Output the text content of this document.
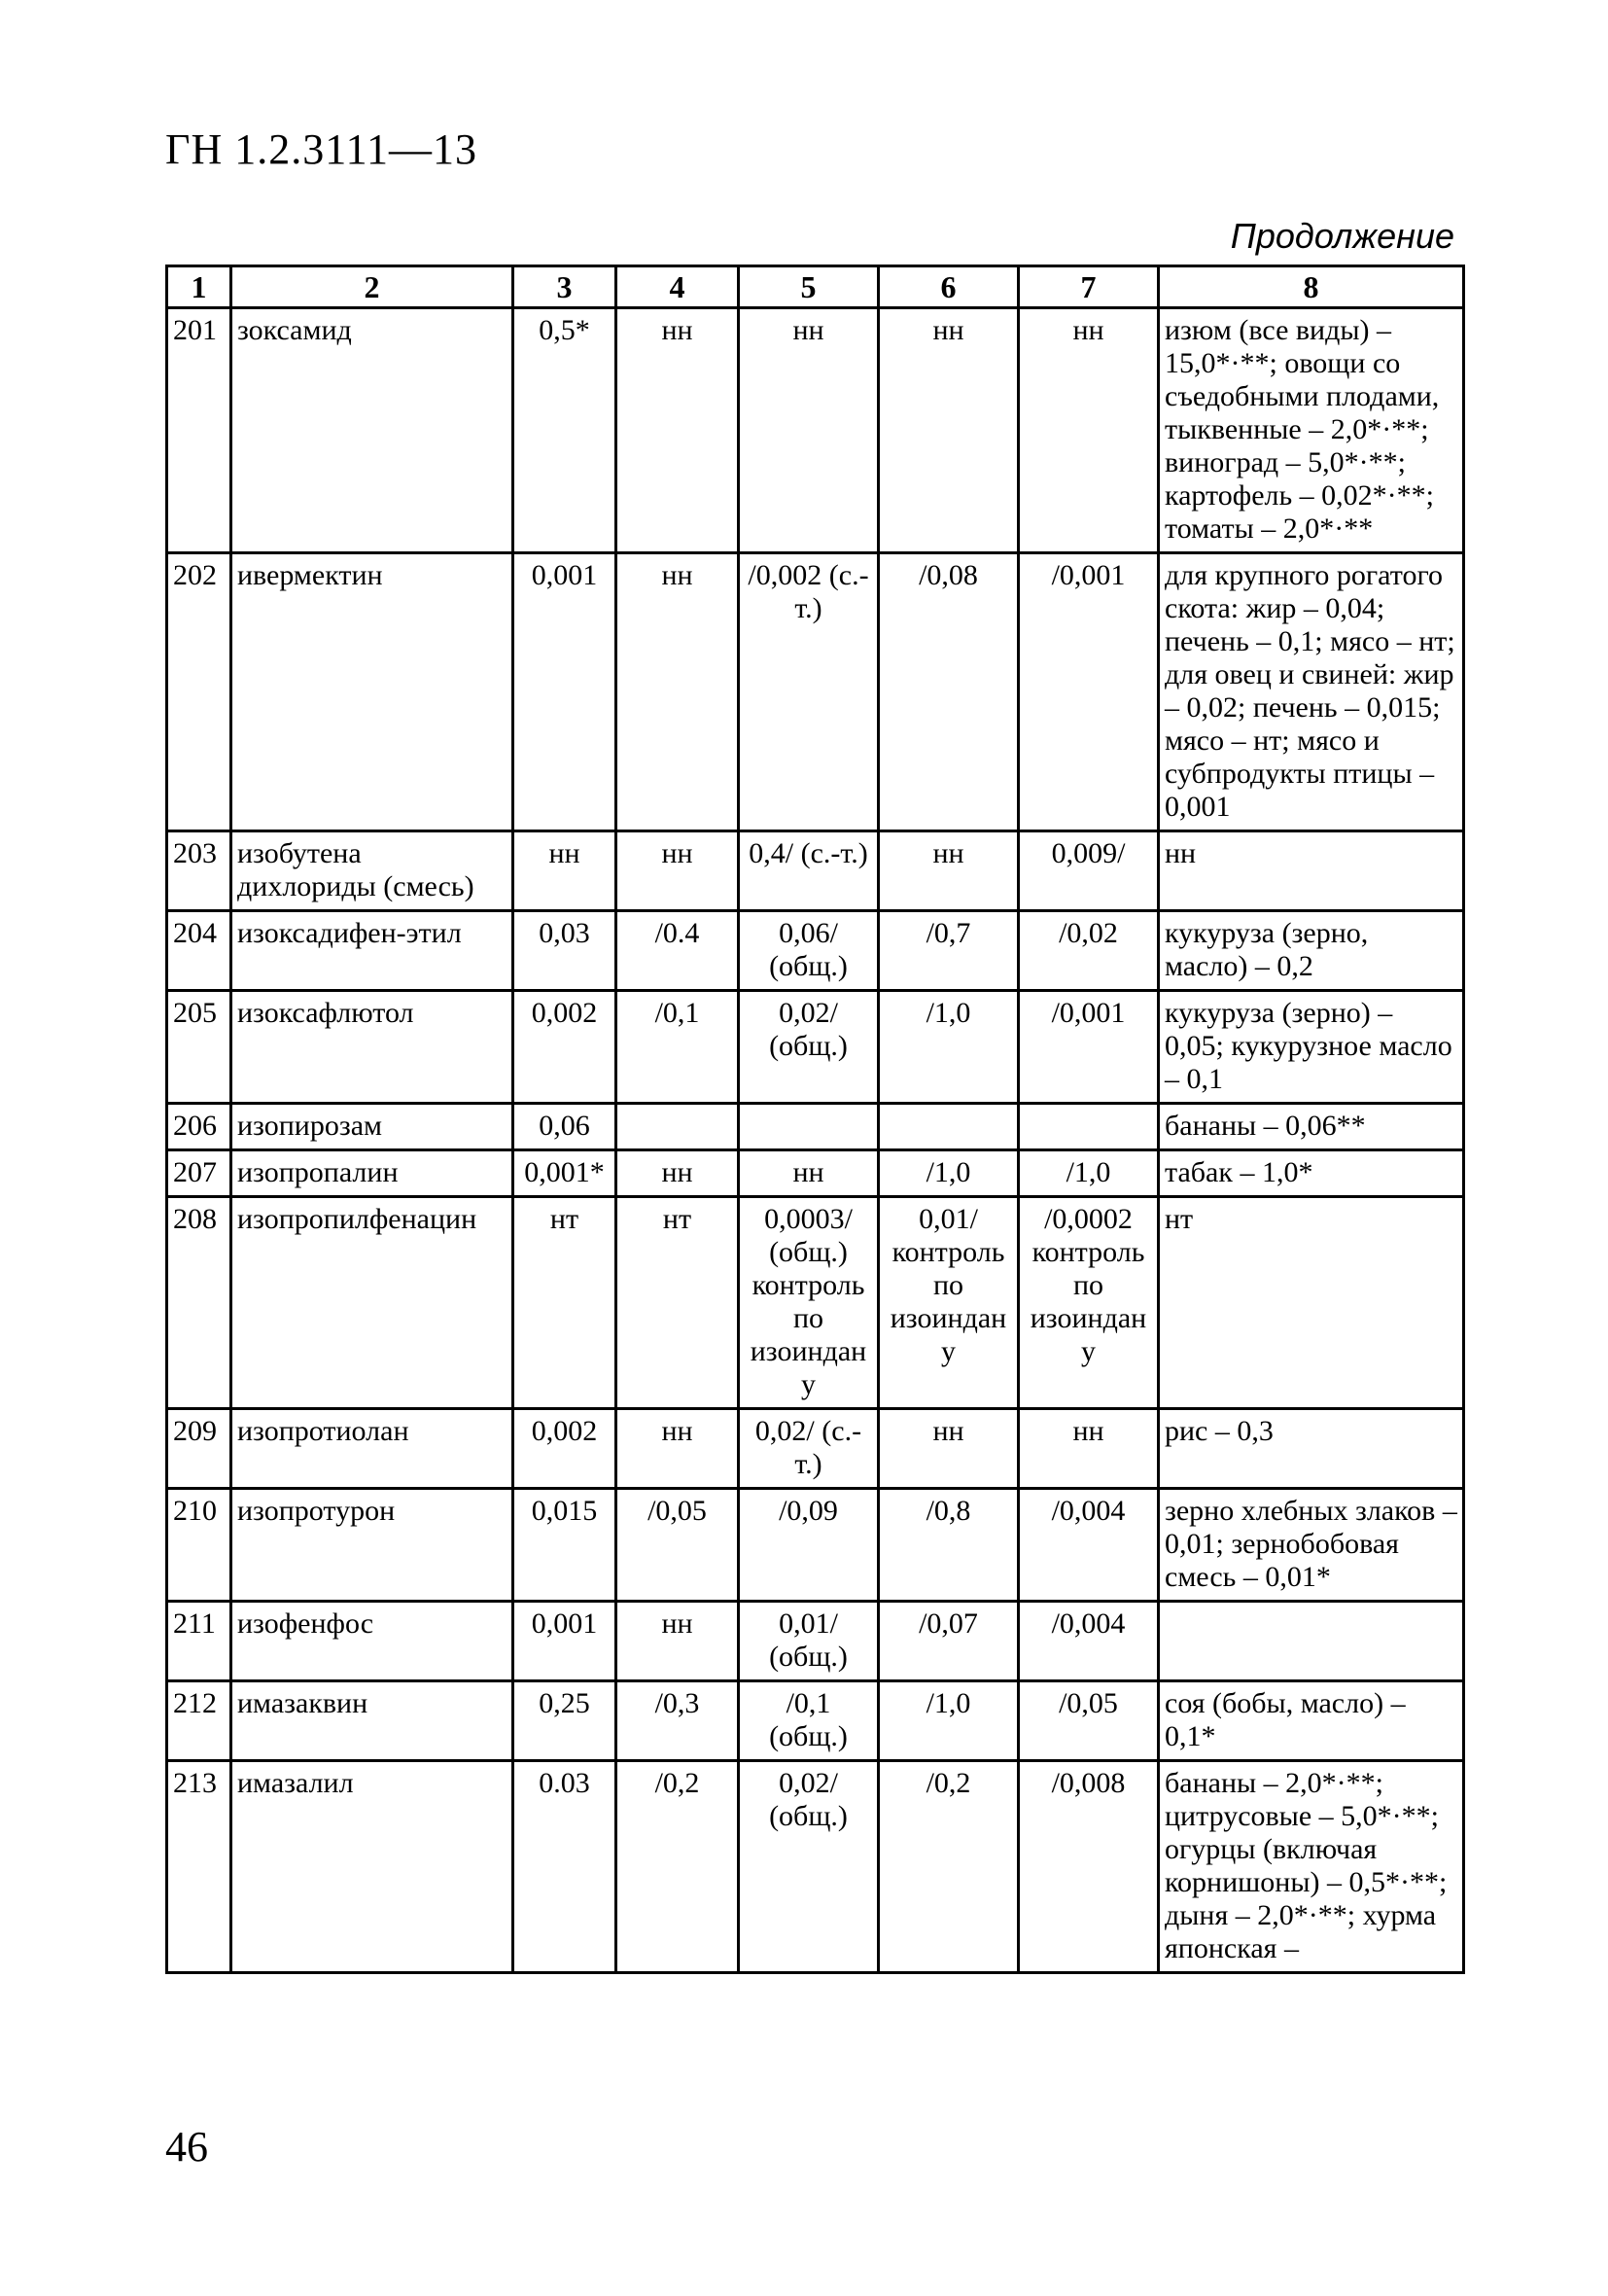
ГН 1.2.3111—13
Продолжение
1	2	3	4	5	6	7	8
201	зоксамид	0,5*	нн	нн	нн	нн	изюм (все виды) – 15,0*·**; овощи со съедобными плодами, тыквенные – 2,0*·**; виноград – 5,0*·**; картофель – 0,02*·**; томаты – 2,0*·**
202	ивермектин	0,001	нн	/0,002 (с.-т.)	/0,08	/0,001	для крупного рогатого скота: жир – 0,04; печень – 0,1; мясо – нт; для овец и свиней: жир – 0,02; печень – 0,015; мясо – нт; мясо и субпродукты птицы – 0,001
203	изобутена дихлориды (смесь)	нн	нн	0,4/ (с.-т.)	нн	0,009/	нн
204	изоксадифен-этил	0,03	/0.4	0,06/ (общ.)	/0,7	/0,02	кукуруза (зерно, масло) – 0,2
205	изоксафлютол	0,002	/0,1	0,02/ (общ.)	/1,0	/0,001	кукуруза (зерно) – 0,05; кукурузное масло – 0,1
206	изопирозам	0,06					бананы – 0,06**
207	изопропалин	0,001*	нн	нн	/1,0	/1,0	табак – 1,0*
208	изопропилфенацин	нт	нт	0,0003/ (общ.) контроль по изоиндану	0,01/ контроль по изоиндану	/0,0002 контроль по изоиндану	нт
209	изопротиолан	0,002	нн	0,02/ (с.-т.)	нн	нн	рис – 0,3
210	изопротурон	0,015	/0,05	/0,09	/0,8	/0,004	зерно хлебных злаков – 0,01; зернобобовая смесь – 0,01*
211	изофенфос	0,001	нн	0,01/ (общ.)	/0,07	/0,004	
212	имазаквин	0,25	/0,3	/0,1 (общ.)	/1,0	/0,05	соя (бобы, масло) – 0,1*
213	имазалил	0.03	/0,2	0,02/ (общ.)	/0,2	/0,008	бананы – 2,0*·**; цитрусовые – 5,0*·**; огурцы (включая корнишоны) – 0,5*·**; дыня – 2,0*·**; хурма японская –
46
